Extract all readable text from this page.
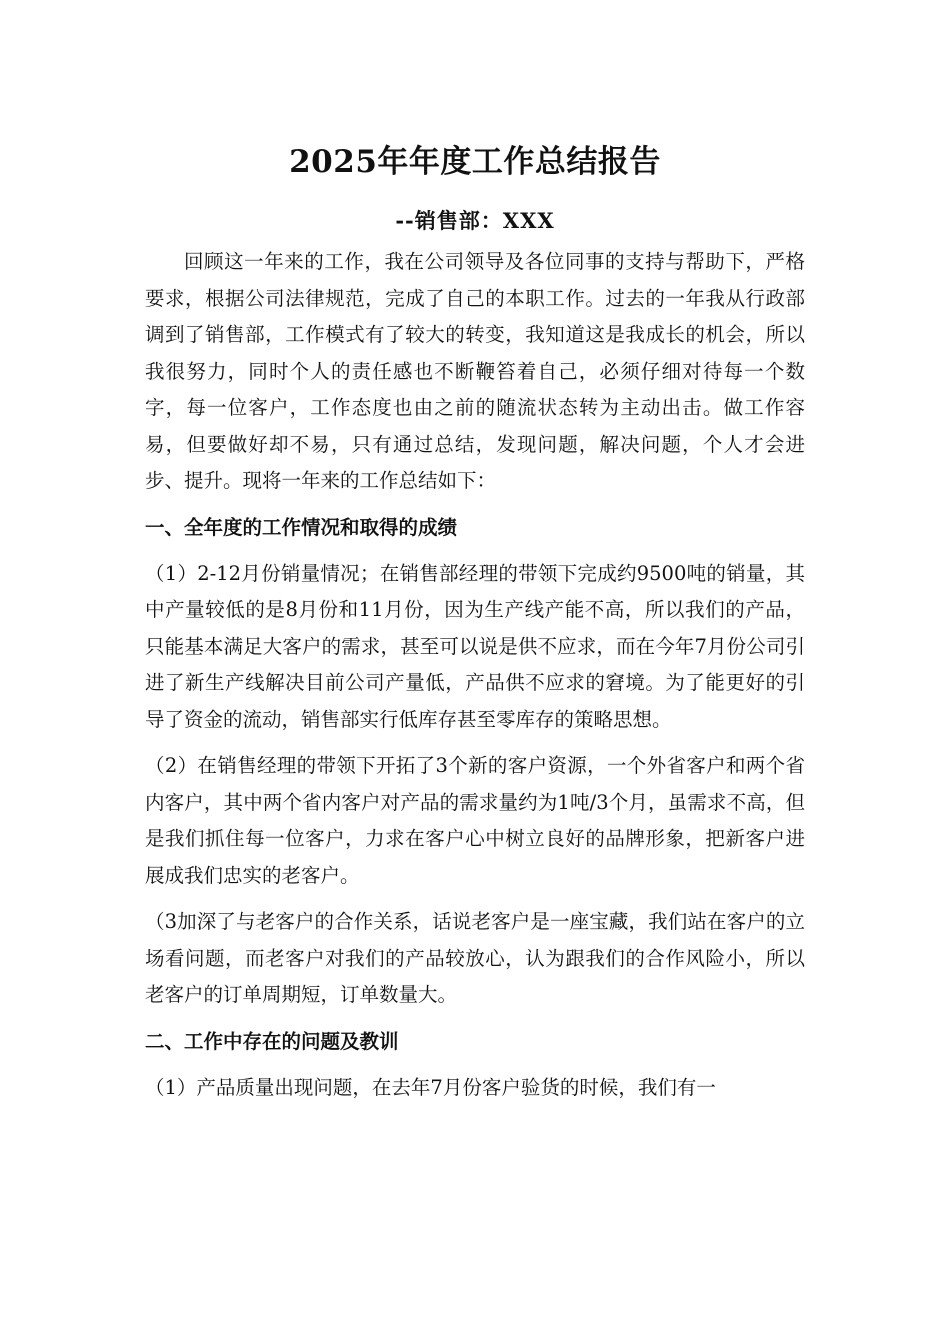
2025年年度工作总结报告
--销售部：XXX

回顾这一年来的工作，我在公司领导及各位同事的支持与帮助下，严格要求，根据公司法律规范，完成了自己的本职工作。过去的一年我从行政部调到了销售部，工作模式有了较大的转变，我知道这是我成长的机会，所以我很努力，同时个人的责任感也不断鞭笞着自己，必须仔细对待每一个数字，每一位客户，工作态度也由之前的随流状态转为主动出击。做工作容易，但要做好却不易，只有通过总结，发现问题，解决问题，个人才会进步、提升。现将一年来的工作总结如下：

一、全年度的工作情况和取得的成绩

（1）2-12月份销量情况；在销售部经理的带领下完成约9500吨的销量，其中产量较低的是8月份和11月份，因为生产线产能不高，所以我们的产品，只能基本满足大客户的需求，甚至可以说是供不应求，而在今年7月份公司引进了新生产线解决目前公司产量低，产品供不应求的窘境。为了能更好的引导了资金的流动，销售部实行低库存甚至零库存的策略思想。

（2）在销售经理的带领下开拓了3个新的客户资源，一个外省客户和两个省内客户，其中两个省内客户对产品的需求量约为1吨/3个月，虽需求不高，但是我们抓住每一位客户，力求在客户心中树立良好的品牌形象，把新客户进展成我们忠实的老客户。

（3加深了与老客户的合作关系，话说老客户是一座宝藏，我们站在客户的立场看问题，而老客户对我们的产品较放心，认为跟我们的合作风险小，所以老客户的订单周期短，订单数量大。

二、工作中存在的问题及教训

（1）产品质量出现问题，在去年7月份客户验货的时候，我们有一
